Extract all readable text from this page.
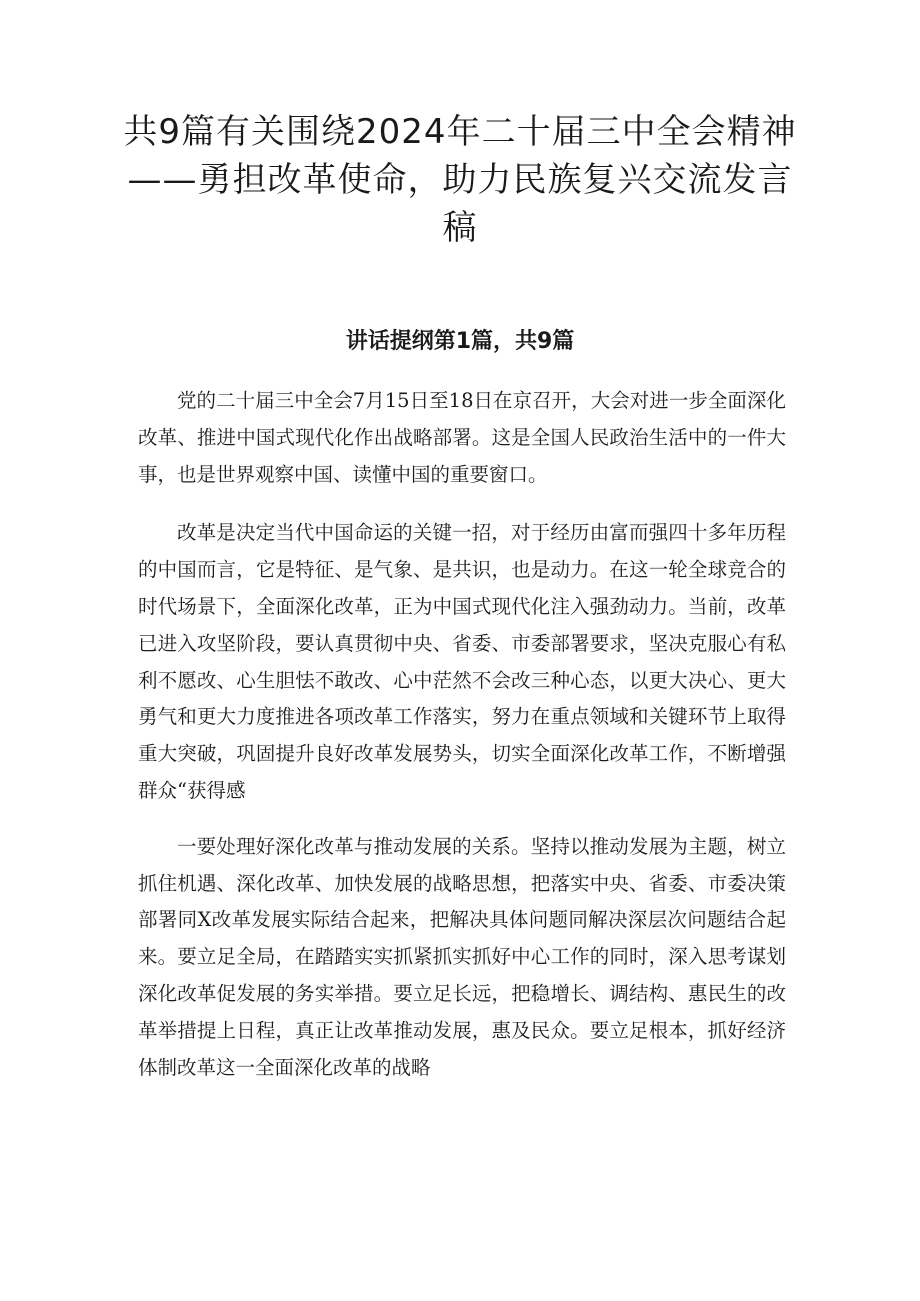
共9篇有关围绕2024年二十届三中全会精神——勇担改革使命，助力民族复兴交流发言稿
讲话提纲第1篇，共9篇

党的二十届三中全会7月15日至18日在京召开，大会对进一步全面深化改革、推进中国式现代化作出战略部署。这是全国人民政治生活中的一件大事，也是世界观察中国、读懂中国的重要窗口。

改革是决定当代中国命运的关键一招，对于经历由富而强四十多年历程的中国而言，它是特征、是气象、是共识，也是动力。在这一轮全球竞合的时代场景下，全面深化改革，正为中国式现代化注入强劲动力。当前，改革已进入攻坚阶段，要认真贯彻中央、省委、市委部署要求，坚决克服心有私利不愿改、心生胆怯不敢改、心中茫然不会改三种心态，以更大决心、更大勇气和更大力度推进各项改革工作落实，努力在重点领域和关键环节上取得重大突破，巩固提升良好改革发展势头，切实全面深化改革工作，不断增强群众“获得感

一要处理好深化改革与推动发展的关系。坚持以推动发展为主题，树立抓住机遇、深化改革、加快发展的战略思想，把落实中央、省委、市委决策部署同X改革发展实际结合起来，把解决具体问题同解决深层次问题结合起来。要立足全局，在踏踏实实抓紧抓实抓好中心工作的同时，深入思考谋划深化改革促发展的务实举措。要立足长远，把稳增长、调结构、惠民生的改革举措提上日程，真正让改革推动发展，惠及民众。要立足根本，抓好经济体制改革这一全面深化改革的战略
